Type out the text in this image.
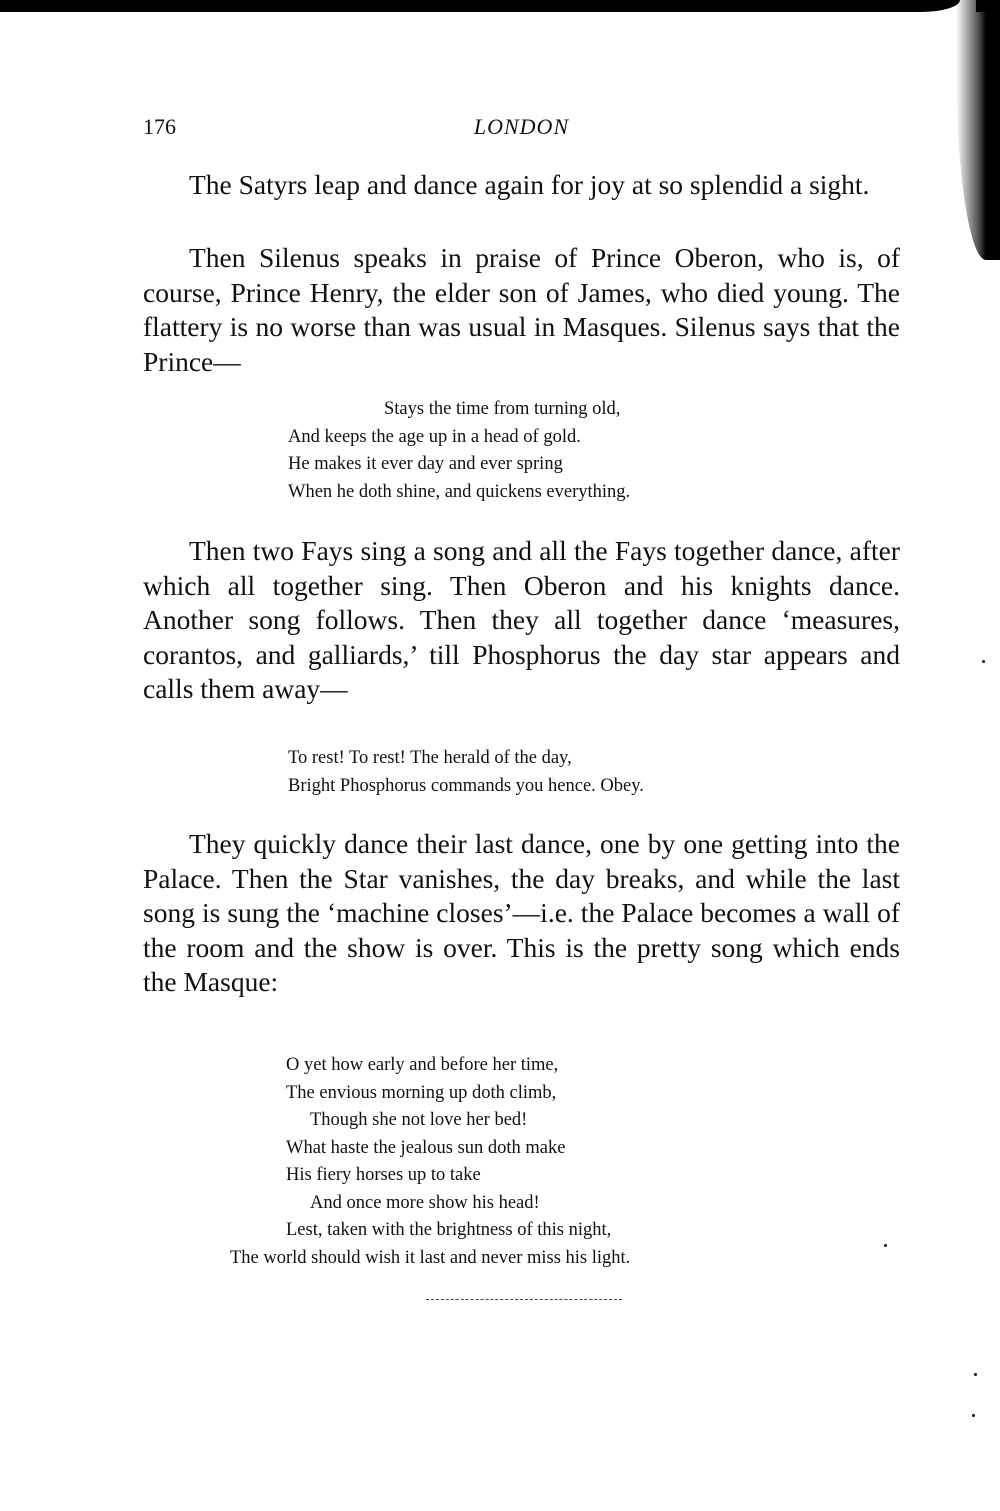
176	LONDON

The Satyrs leap and dance again for joy at so splendid a sight.

Then Silenus speaks in praise of Prince Oberon, who is, of course, Prince Henry, the elder son of James, who died young. The flattery is no worse than was usual in Masques. Silenus says that the Prince—

Stays the time from turning old,
And keeps the age up in a head of gold.
He makes it ever day and ever spring
When he doth shine, and quickens everything.

Then two Fays sing a song and all the Fays together dance, after which all together sing. Then Oberon and his knights dance. Another song follows. Then they all together dance ‘measures, corantos, and galliards,’ till Phosphorus the day star appears and calls them away—

To rest! To rest! The herald of the day,
Bright Phosphorus commands you hence. Obey.

They quickly dance their last dance, one by one getting into the Palace. Then the Star vanishes, the day breaks, and while the last song is sung the ‘machine closes’—i.e. the Palace becomes a wall of the room and the show is over. This is the pretty song which ends the Masque:

O yet how early and before her time,
The envious morning up doth climb,
Though she not love her bed!
What haste the jealous sun doth make
His fiery horses up to take
And once more show his head!
Lest, taken with the brightness of this night,
The world should wish it last and never miss his light.
